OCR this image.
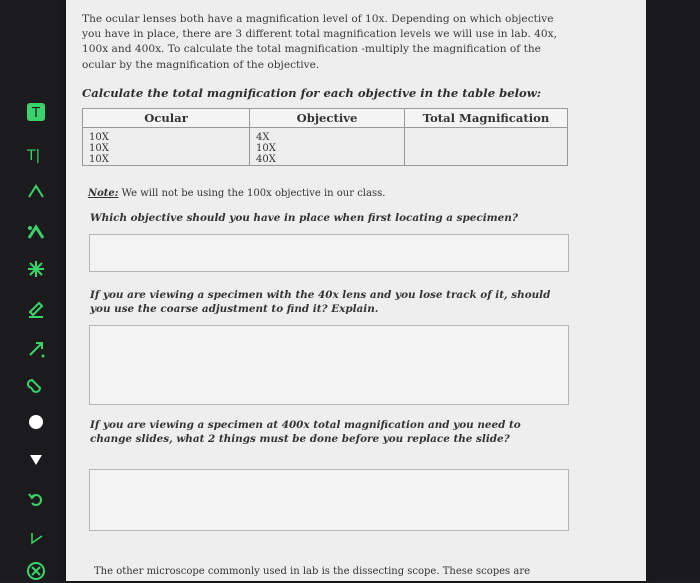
T
T|
The ocular lenses both have a magnification level of 10x. Depending on which objective you have in place, there are 3 different total magnification levels we will use in lab. 40x, 100x and 400x. To calculate the total magnification -multiply the magnification of the ocular by the magnification of the objective.
Calculate the total magnification for each objective in the table below:
Ocular	Objective	Total Magnification
10X	4X	
10X	10X	
10X	40X	
Note: We will not be using the 100x objective in our class.
Which objective should you have in place when first locating a specimen?
If you are viewing a specimen with the 40x lens and you lose track of it, should you use the coarse adjustment to find it? Explain.
If you are viewing a specimen at 400x total magnification and you need to change slides, what 2 things must be done before you replace the slide?
The other microscope commonly used in lab is the dissecting scope. These scopes are
